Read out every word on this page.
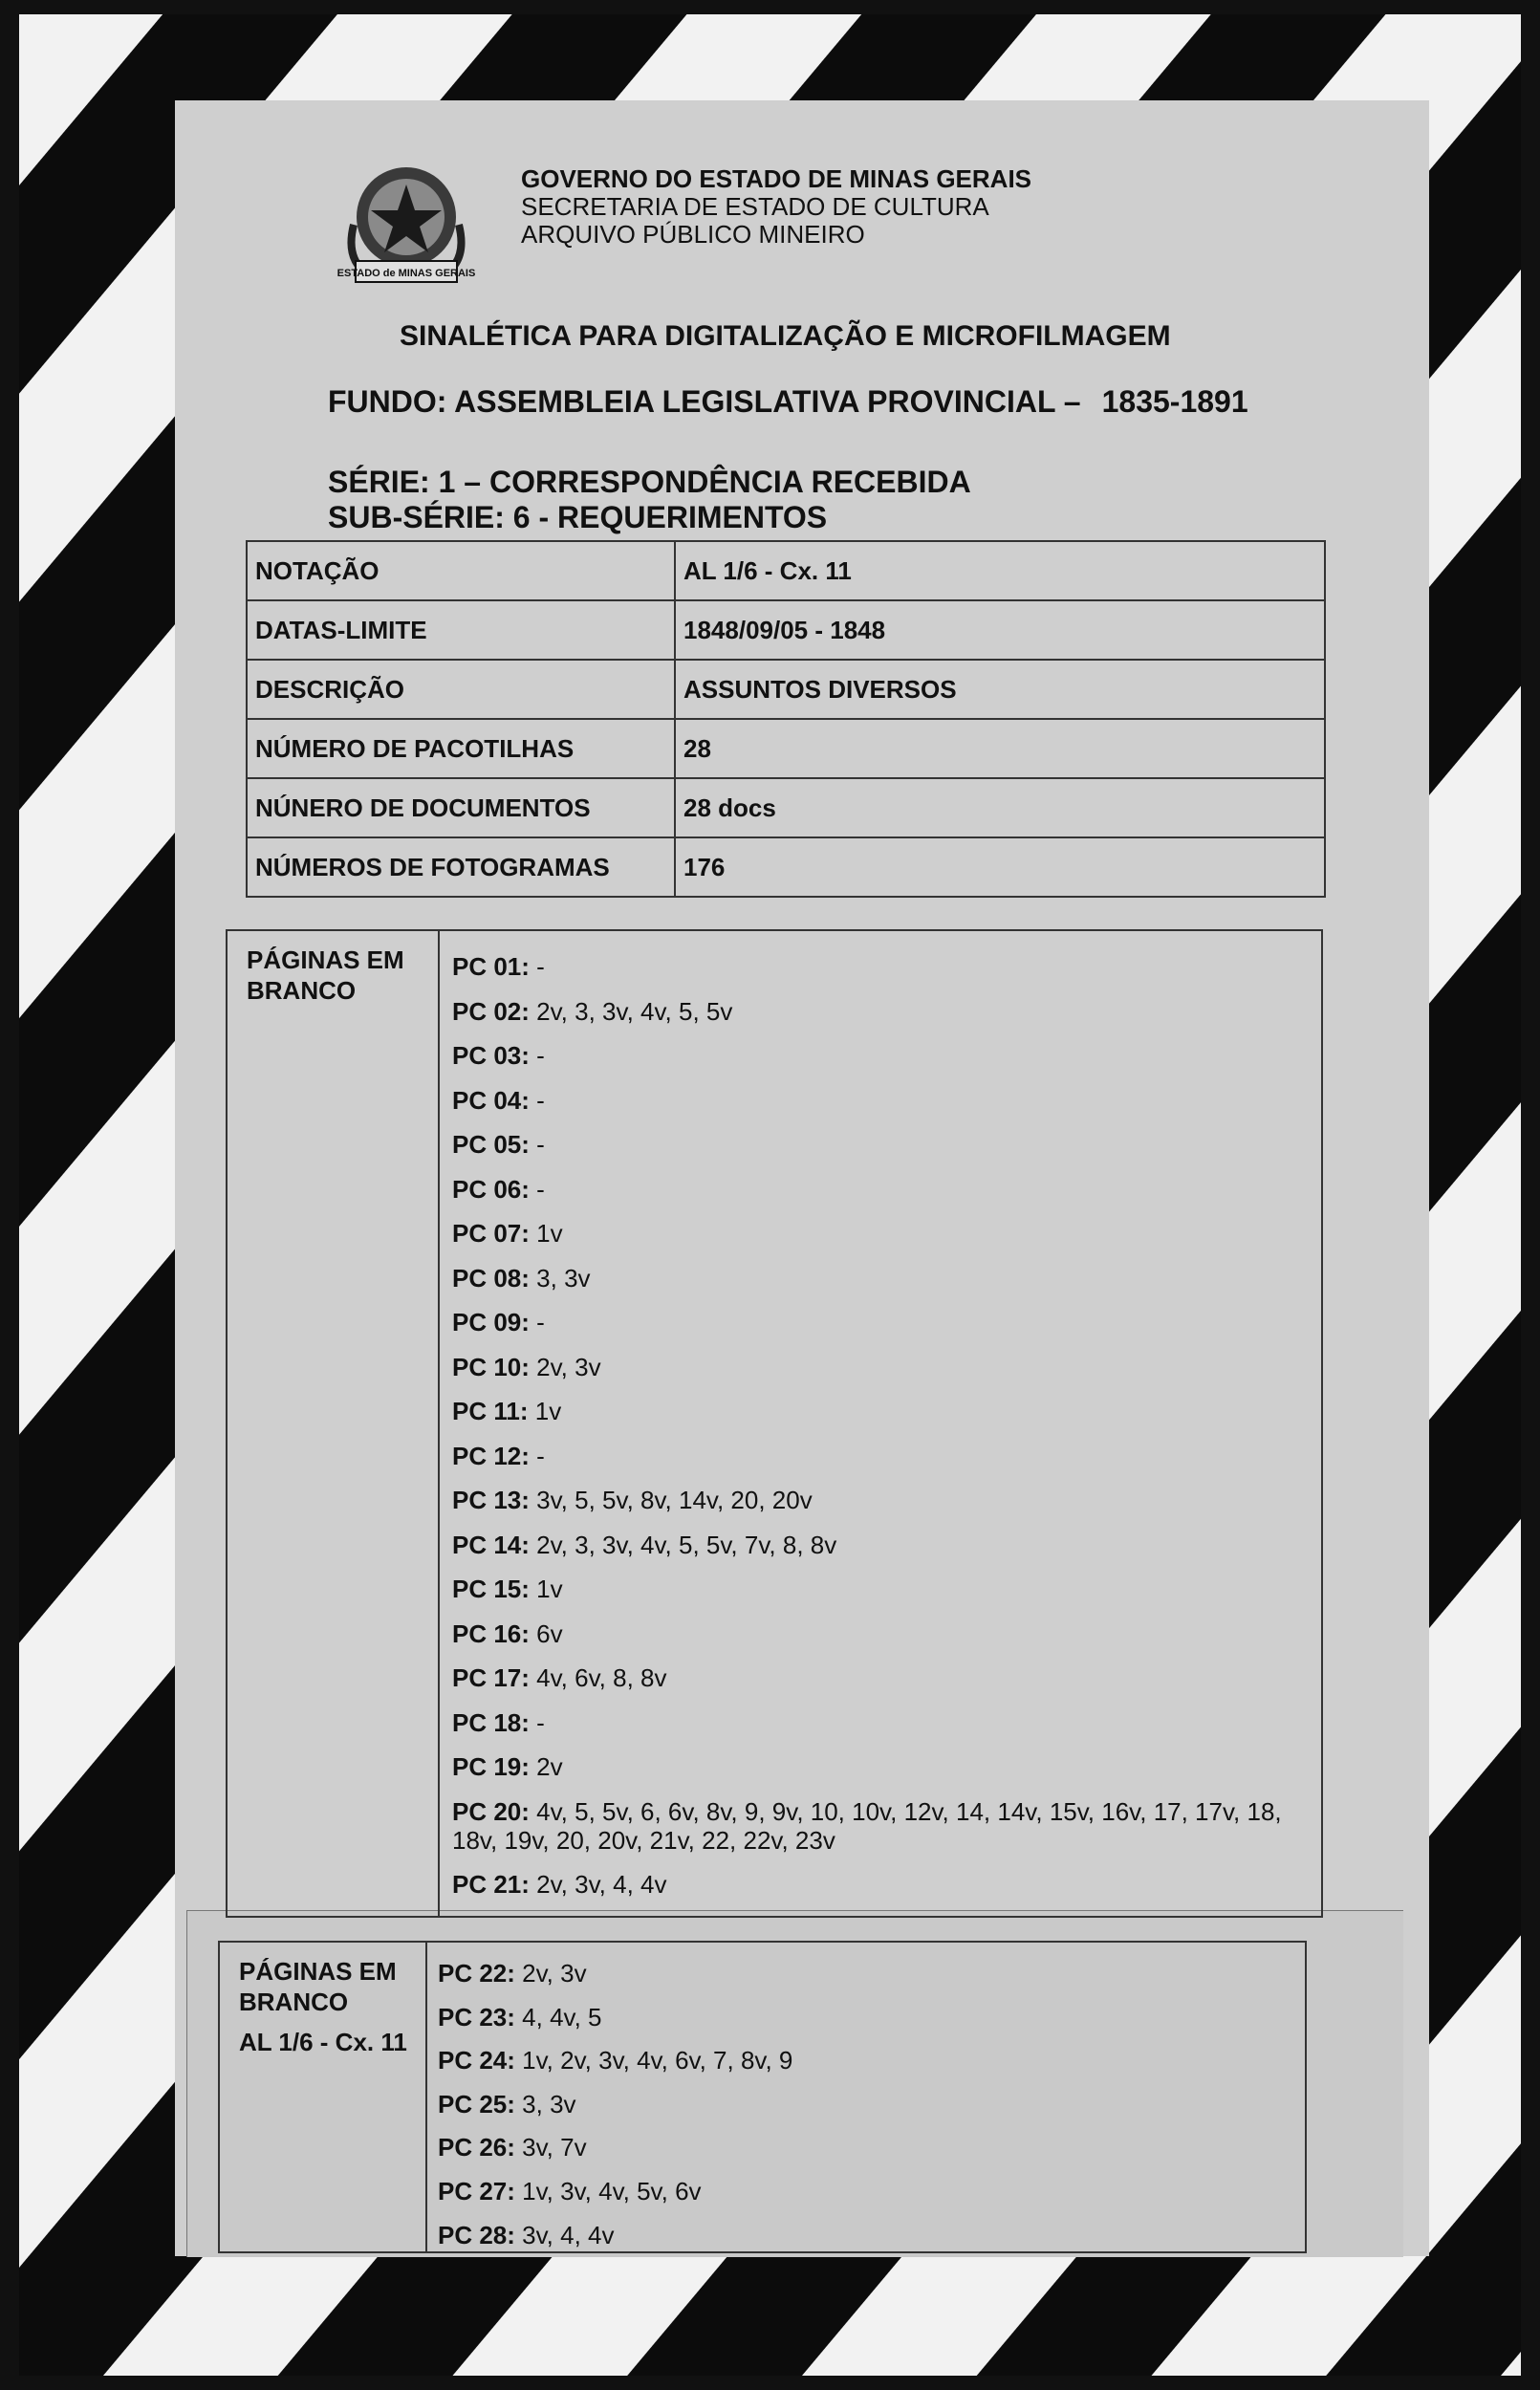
ESTADO de MINAS GERAIS
GOVERNO DO ESTADO DE MINAS GERAIS
SECRETARIA DE ESTADO DE CULTURA
ARQUIVO PÚBLICO MINEIRO
SINALÉTICA PARA DIGITALIZAÇÃO E MICROFILMAGEM
FUNDO: ASSEMBLEIA LEGISLATIVA PROVINCIAL – 1835-1891
SÉRIE: 1 – CORRESPONDÊNCIA RECEBIDA
SUB-SÉRIE: 6 - REQUERIMENTOS
NOTAÇÃO	AL 1/6 - Cx. 11
DATAS-LIMITE	1848/09/05 - 1848
DESCRIÇÃO	ASSUNTOS DIVERSOS
NÚMERO DE PACOTILHAS	28
NÚNERO DE DOCUMENTOS	28 docs
NÚMEROS DE FOTOGRAMAS	176
PÁGINAS EM
BRANCO
PC 01: -
PC 02: 2v, 3, 3v, 4v, 5, 5v
PC 03: -
PC 04: -
PC 05: -
PC 06: -
PC 07: 1v
PC 08: 3, 3v
PC 09: -
PC 10: 2v, 3v
PC 11: 1v
PC 12: -
PC 13: 3v, 5, 5v, 8v, 14v, 20, 20v
PC 14: 2v, 3, 3v, 4v, 5, 5v, 7v, 8, 8v
PC 15: 1v
PC 16: 6v
PC 17: 4v, 6v, 8, 8v
PC 18: -
PC 19: 2v
PC 20: 4v, 5, 5v, 6, 6v, 8v, 9, 9v, 10, 10v, 12v, 14, 14v, 15v, 16v, 17, 17v, 18, 18v, 19v, 20, 20v, 21v, 22, 22v, 23v
PC 21: 2v, 3v, 4, 4v
PÁGINAS EM
BRANCO
AL 1/6 - Cx. 11
PC 22: 2v, 3v
PC 23: 4, 4v, 5
PC 24: 1v, 2v, 3v, 4v, 6v, 7, 8v, 9
PC 25: 3, 3v
PC 26: 3v, 7v
PC 27: 1v, 3v, 4v, 5v, 6v
PC 28: 3v, 4, 4v
